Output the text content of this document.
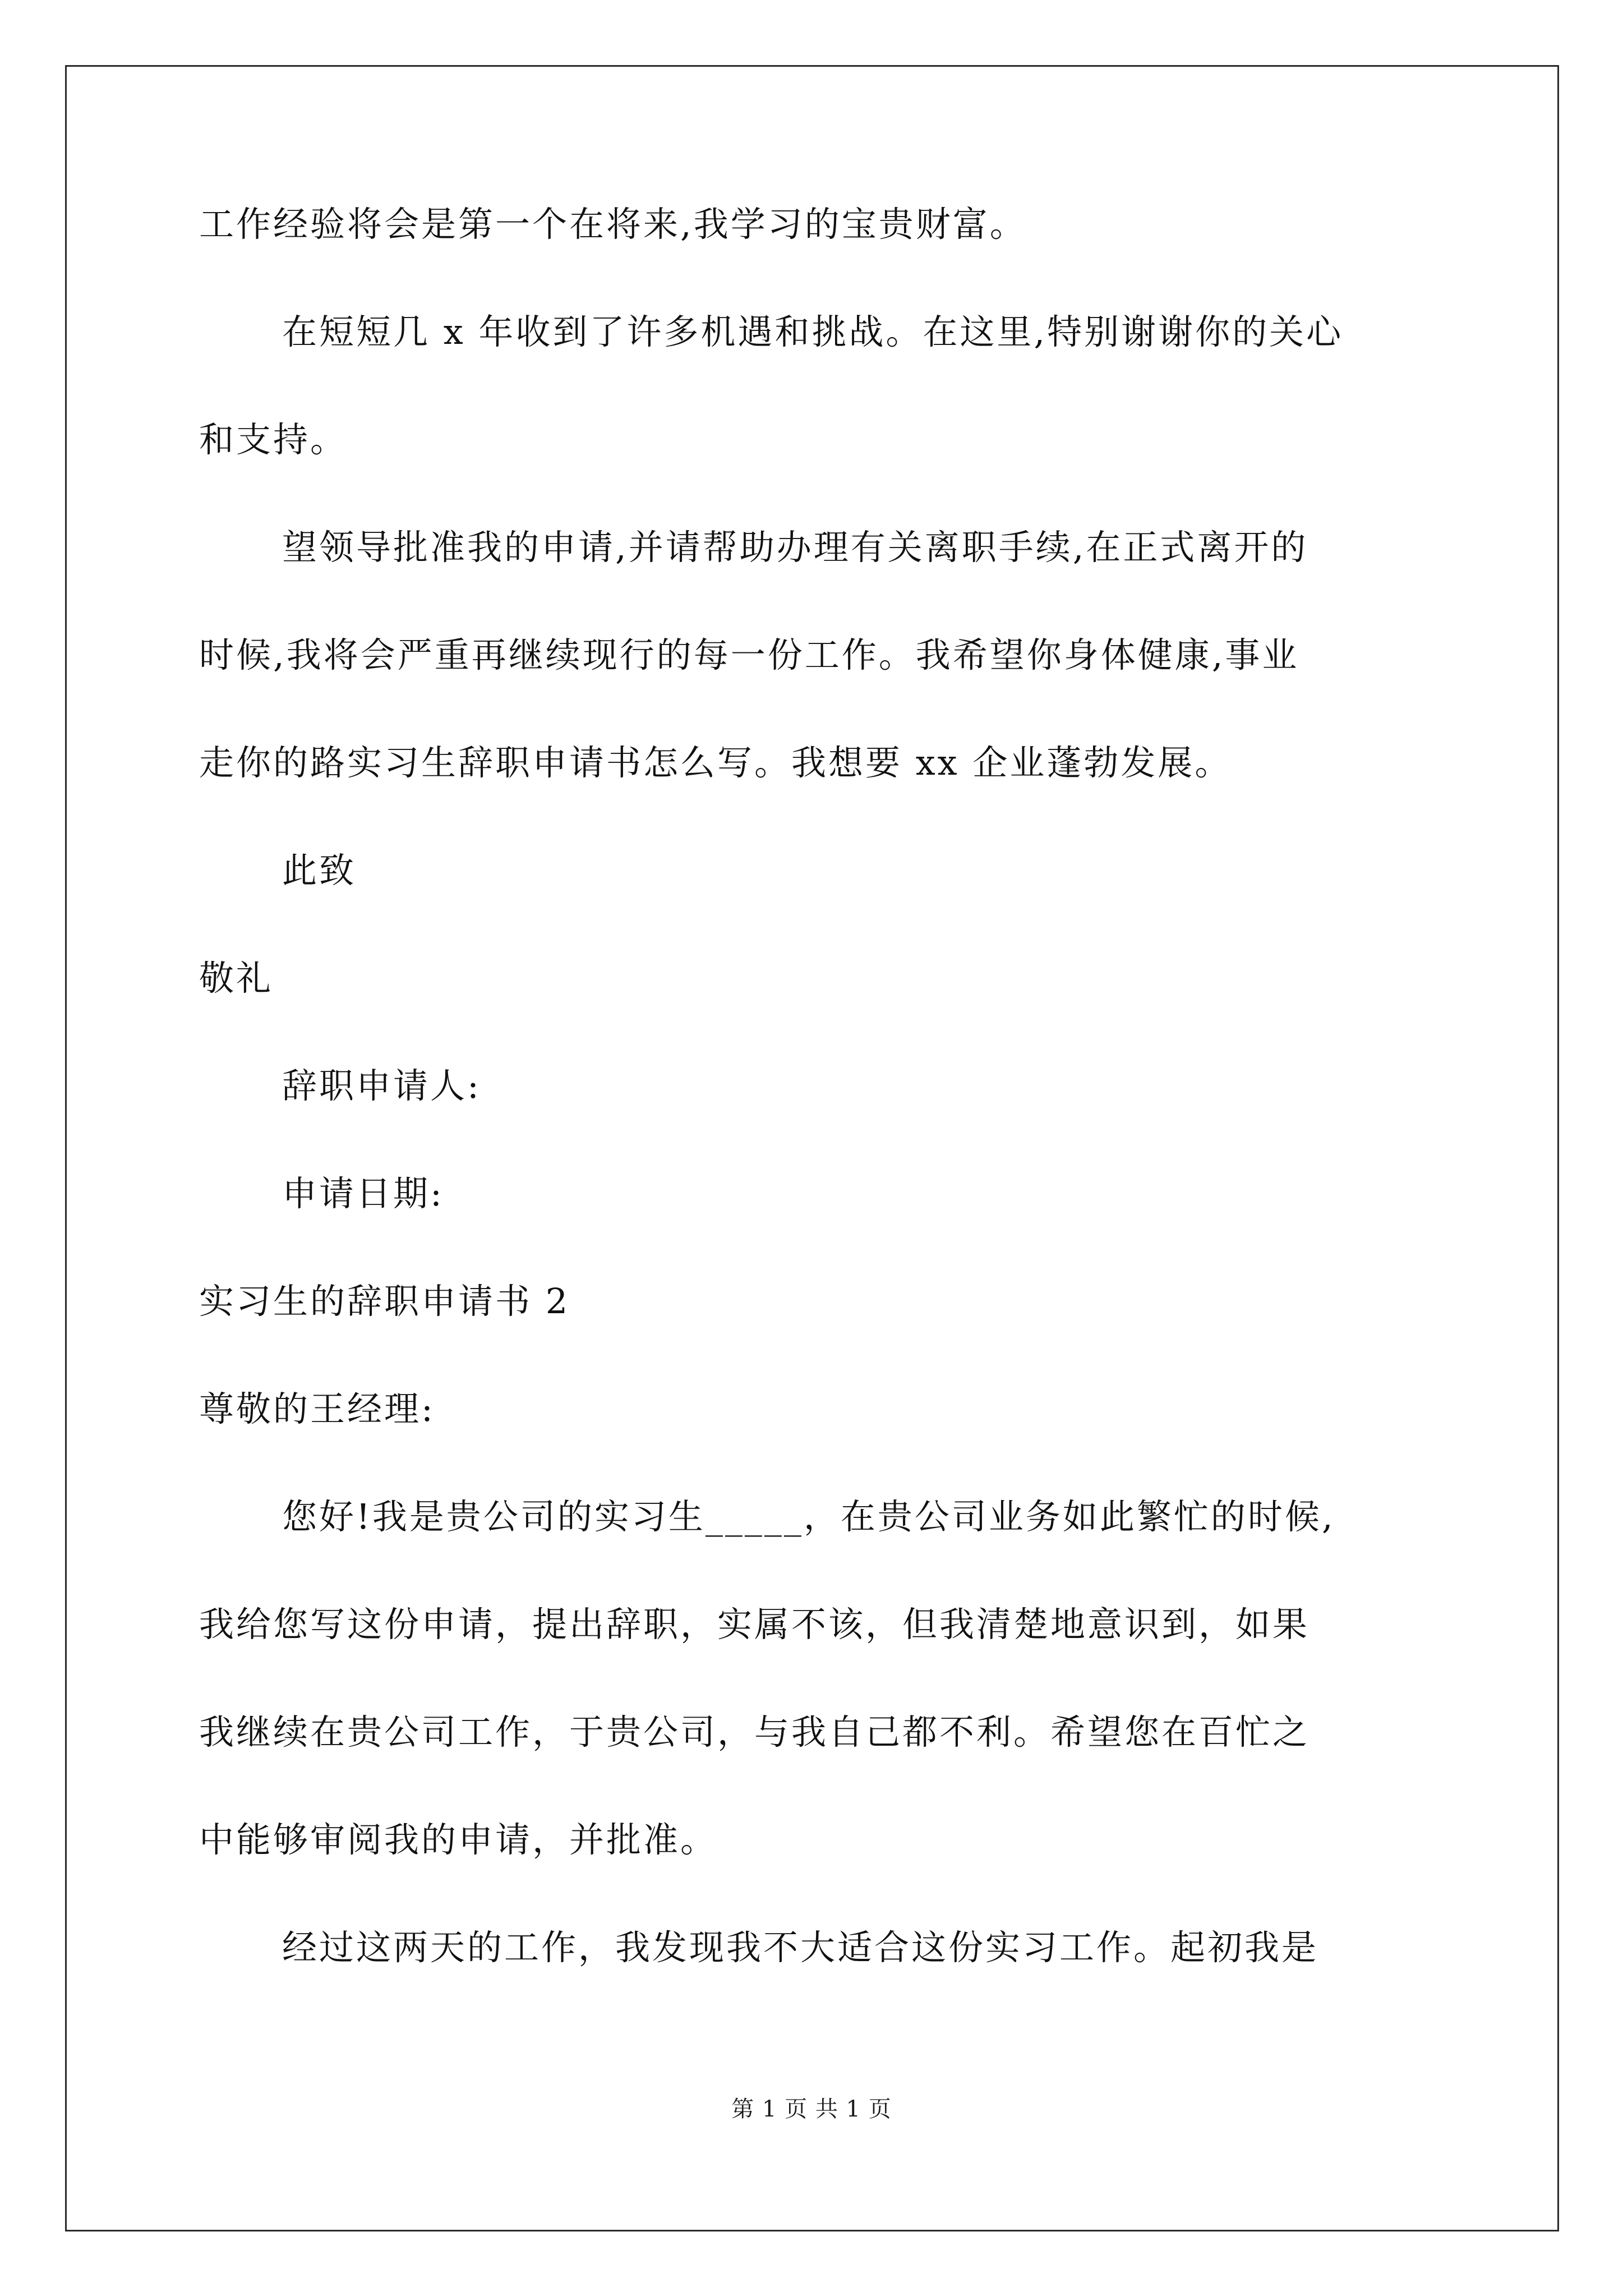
工作经验将会是第一个在将来,我学习的宝贵财富。
在短短几 x 年收到了许多机遇和挑战。在这里,特别谢谢你的关心
和支持。
望领导批准我的申请,并请帮助办理有关离职手续,在正式离开的
时候,我将会严重再继续现行的每一份工作。我希望你身体健康,事业
走你的路实习生辞职申请书怎么写。我想要 xx 企业蓬勃发展。
此致
敬礼
辞职申请人:
申请日期:
实习生的辞职申请书 2
尊敬的王经理:
您好!我是贵公司的实习生_____，在贵公司业务如此繁忙的时候,
我给您写这份申请，提出辞职，实属不该，但我清楚地意识到，如果
我继续在贵公司工作，于贵公司，与我自己都不利。希望您在百忙之
中能够审阅我的申请，并批准。
经过这两天的工作，我发现我不大适合这份实习工作。起初我是
第 1 页 共 1 页
